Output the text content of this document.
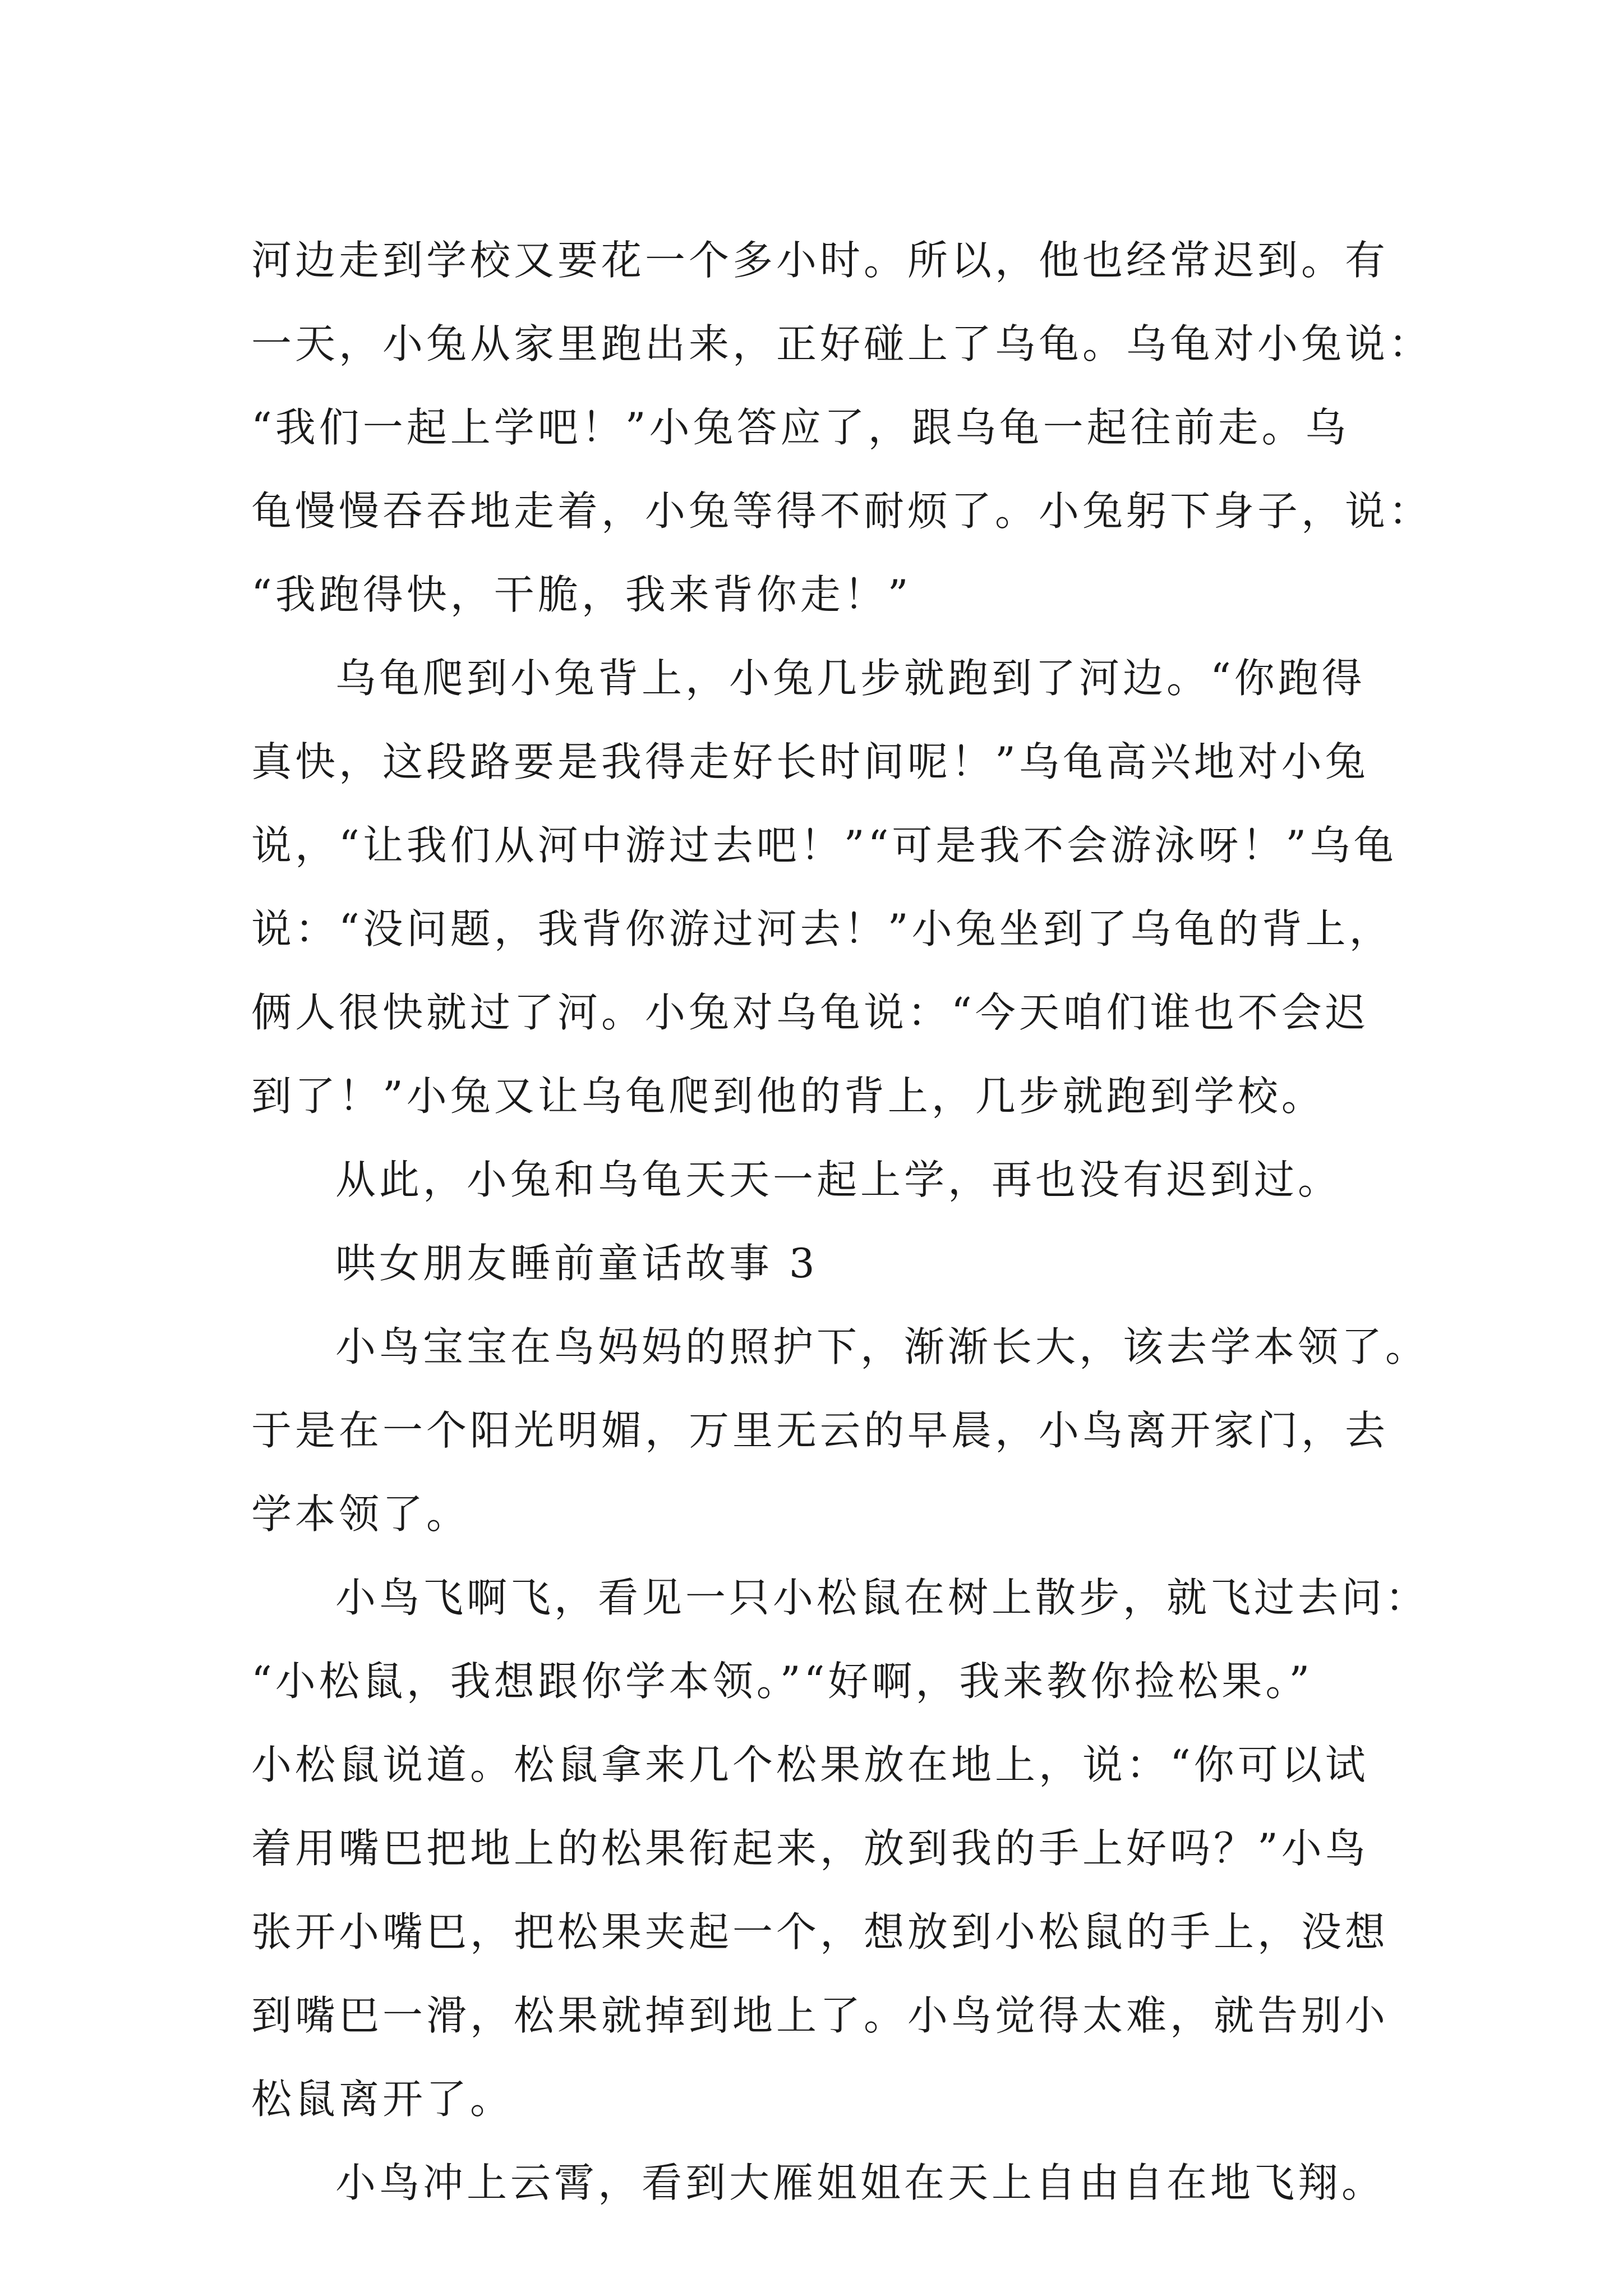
河边走到学校又要花一个多小时。所以，他也经常迟到。有
一天，小兔从家里跑出来，正好碰上了乌龟。乌龟对小兔说：
“我们一起上学吧！”小兔答应了，跟乌龟一起往前走。乌
龟慢慢吞吞地走着，小兔等得不耐烦了。小兔躬下身子，说：
“我跑得快，干脆，我来背你走！”
乌龟爬到小兔背上，小兔几步就跑到了河边。“你跑得
真快，这段路要是我得走好长时间呢！”乌龟高兴地对小兔
说，“让我们从河中游过去吧！”“可是我不会游泳呀！”乌龟
说：“没问题，我背你游过河去！”小兔坐到了乌龟的背上，
俩人很快就过了河。小兔对乌龟说：“今天咱们谁也不会迟
到了！”小兔又让乌龟爬到他的背上，几步就跑到学校。
从此，小兔和乌龟天天一起上学，再也没有迟到过。
哄女朋友睡前童话故事 3
小鸟宝宝在鸟妈妈的照护下，渐渐长大，该去学本领了。
于是在一个阳光明媚，万里无云的早晨，小鸟离开家门，去
学本领了。
小鸟飞啊飞，看见一只小松鼠在树上散步，就飞过去问：
“小松鼠，我想跟你学本领。”“好啊，我来教你捡松果。”
小松鼠说道。松鼠拿来几个松果放在地上，说：“你可以试
着用嘴巴把地上的松果衔起来，放到我的手上好吗？”小鸟
张开小嘴巴，把松果夹起一个，想放到小松鼠的手上，没想
到嘴巴一滑，松果就掉到地上了。小鸟觉得太难，就告别小
松鼠离开了。
小鸟冲上云霄，看到大雁姐姐在天上自由自在地飞翔。
